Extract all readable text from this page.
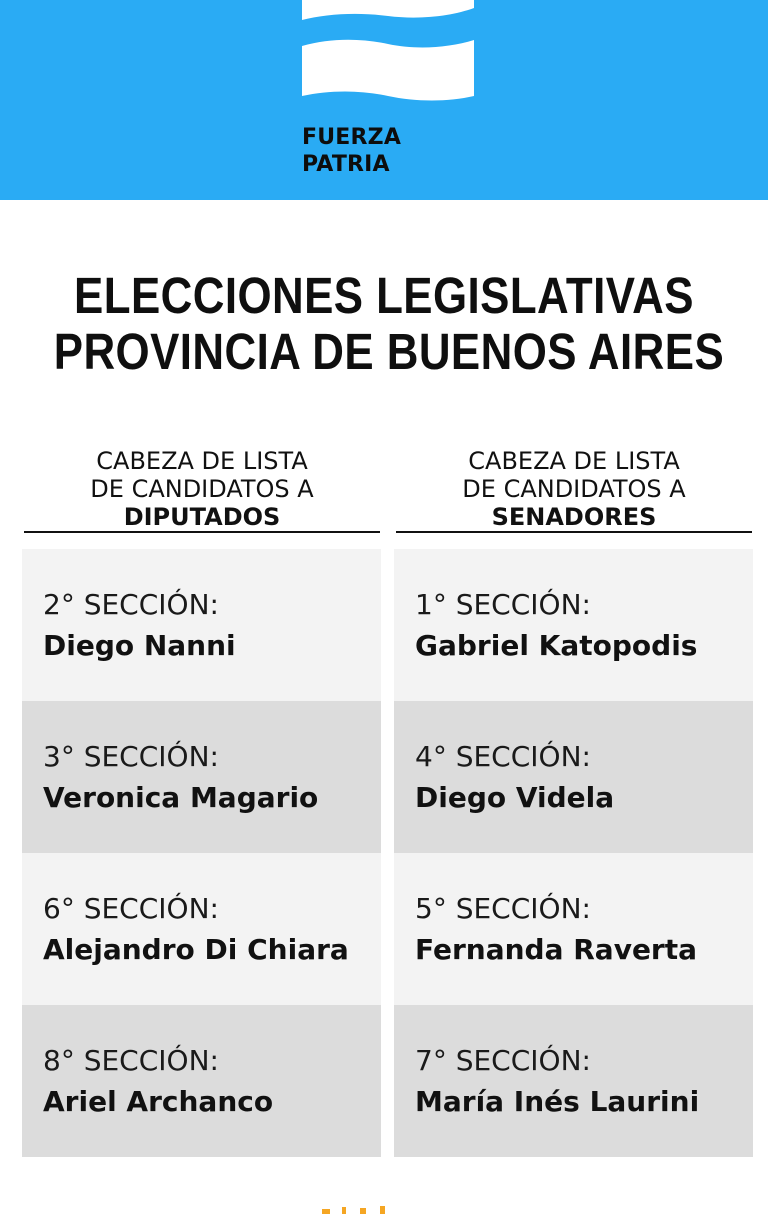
FUERZA
PATRIA
ELECCIONES LEGISLATIVAS
PROVINCIA DE BUENOS AIRES
CABEZA DE LISTA
DE CANDIDATOS A
DIPUTADOS
CABEZA DE LISTA
DE CANDIDATOS A
SENADORES
2° SECCIÓN:
Diego Nanni
3° SECCIÓN:
Veronica Magario
6° SECCIÓN:
Alejandro Di Chiara
8° SECCIÓN:
Ariel Archanco
1° SECCIÓN:
Gabriel Katopodis
4° SECCIÓN:
Diego Videla
5° SECCIÓN:
Fernanda Raverta
7° SECCIÓN:
María Inés Laurini
